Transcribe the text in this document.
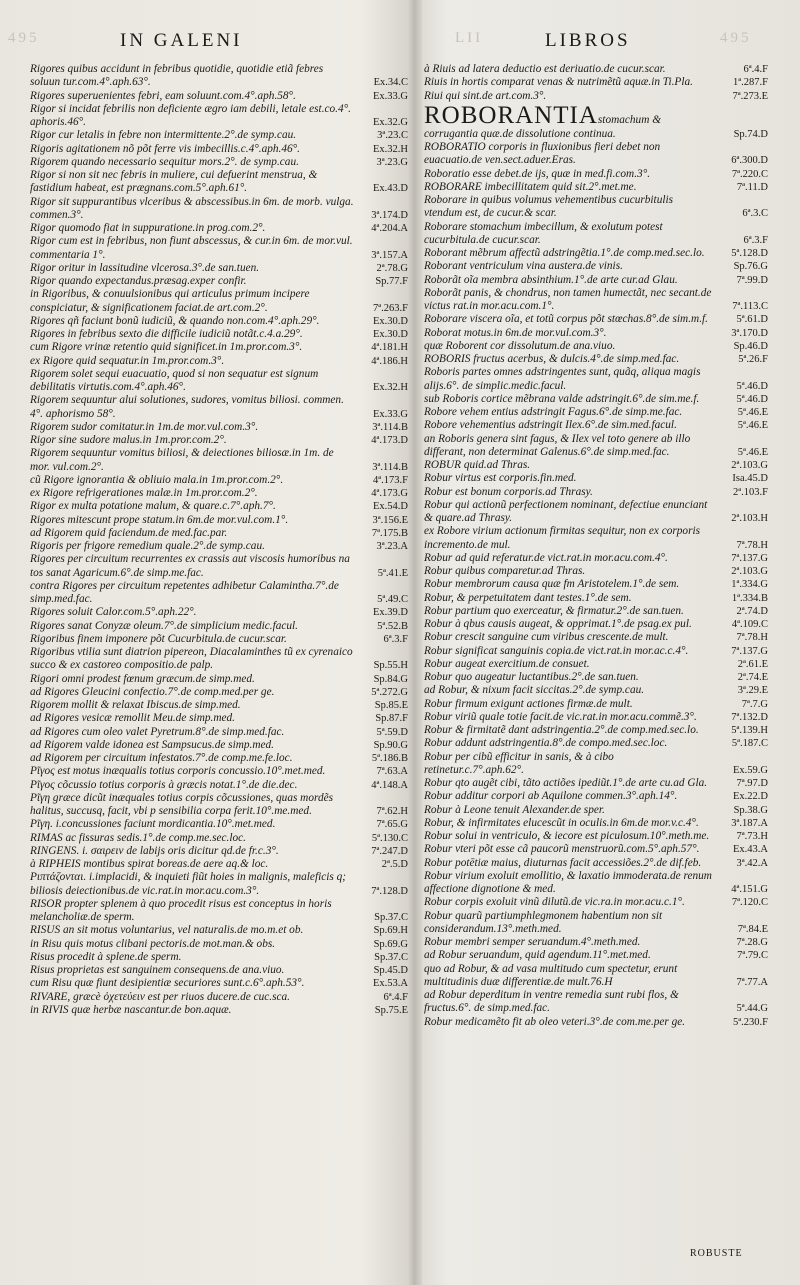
495	LII	495
IN GALENI	LIBROS
Rigores quibus accidunt in febribus quotidie, quotidie etiã febres soluun tur.com.4°.aph.63°.	Ex.34.C
Rigores superuenientes febri, eam soluunt.com.4°.aph.58°.	Ex.33.G
Rigor si incidat febrilis non deficiente ægro iam debili, letale est.co.4°. aphoris.46°.	Ex.32.G
Rigor cur letalis in febre non intermittente.2°.de symp.cau.	3ª.23.C
Rigoris agitationem nõ põt ferre vis imbecillis.c.4°.aph.46°.	Ex.32.H
Rigorem quando necessario sequitur mors.2°. de symp.cau.	3ª.23.G
Rigor si non sit nec febris in muliere, cui defuerint menstrua, & fastidium habeat, est prægnans.com.5°.aph.61°.	Ex.43.D
Rigor sit suppurantibus vlceribus & abscessibus.in 6m. de morb. vulga. commen.3°.	3ª.174.D
Rigor quomodo fiat in suppuratione.in prog.com.2°.	4ª.204.A
Rigor cum est in febribus, non fiunt abscessus, & cur.in 6m. de mor.vul. commentaria 1°.	3ª.157.A
Rigor oritur in lassitudine vlcerosa.3°.de san.tuen.	2ª.78.G
Rigor quando expectandus.præsag.exper confir.	Sp.77.F
in Rigoribus, & conuulsionibus qui articulus primum incipere conspiciatur, & significationem faciat.de art.com.2°.	7ª.263.F
Rigores qñ faciunt bonũ iudiciũ, & quando non.com.4°.aph.29°.	Ex.30.D
Rigores in febribus sexto die difficile iudiciũ notãt.c.4.a.29°.	Ex.30.D
cum Rigore vrinæ retentio quid significet.in 1m.pror.com.3°.	4ª.181.H
ex Rigore quid sequatur.in 1m.pror.com.3°.	4ª.186.H
Rigorem solet sequi euacuatio, quod si non sequatur est signum debilitatis virtutis.com.4°.aph.46°.	Ex.32.H
Rigorem sequuntur alui solutiones, sudores, vomitus biliosi. commen. 4°. aphorismo 58°.	Ex.33.G
Rigorem sudor comitatur.in 1m.de mor.vul.com.3°.	3ª.114.B
Rigor sine sudore malus.in 1m.pror.com.2°.	4ª.173.D
Rigorem sequuntur vomitus biliosi, & deiectiones biliosæ.in 1m. de mor. vul.com.2°.	3ª.114.B
cũ Rigore ignorantia & obliuio mala.in 1m.pror.com.2°.	4ª.173.F
ex Rigore refrigerationes malæ.in 1m.pror.com.2°.	4ª.173.G
Rigor ex multa potatione malum, & quare.c.7°.aph.7°.	Ex.54.D
Rigores mitescunt prope statum.in 6m.de mor.vul.com.1°.	3ª.156.E
ad Rigorem quid faciendum.de med.fac.par.	7ª.175.B
Rigoris per frigore remedium quale.2°.de symp.cau.	3ª.23.A
Rigores per circuitum recurrentes ex crassis aut viscosis humoribus na tos sanat Agaricum.6°.de simp.me.fac.	5ª.41.E
contra Rigores per circuitum repetentes adhibetur Calamintha.7°.de simp.med.fac.	5ª.49.C
Rigores soluit Calor.com.5°.aph.22°.	Ex.39.D
Rigores sanat Conyzæ oleum.7°.de simplicium medic.facul.	5ª.52.B
Rigoribus finem imponere põt Cucurbitula.de cucur.scar.	6ª.3.F
Rigoribus vtilia sunt diatrion pipereon, Diacalaminthes tũ ex cyrenaico succo & ex castoreo compositio.de palp.	Sp.55.H
Rigori omni prodest fœnum græcum.de simp.med.	Sp.84.G
ad Rigores Gleucini confectio.7°.de comp.med.per ge.	5ª.272.G
Rigorem mollit & relaxat Ibiscus.de simp.med.	Sp.85.E
ad Rigores vesicæ remollit Meu.de simp.med.	Sp.87.F
ad Rigores cum oleo valet Pyretrum.8°.de simp.med.fac.	5ª.59.D
ad Rigorem valde idonea est Sampsucus.de simp.med.	Sp.90.G
ad Rigorem per circuitum infestatos.7°.de comp.me.fe.loc.	5ª.186.B
Ρῖγος est motus inæqualis totius corporis concussio.10°.met.med.	7ª.63.A
Ρῖγος cõcussio totius corporis à græcis notat.1°.de die.dec.	4ª.148.A
Ρῖγη græce dicũt inæquales totius corpis cõcussiones, quas mordẽs halitus, succusq, facit, vbi p sensibilia corpa ferit.10°.me.med.	7ª.62.H
Ρῖγη. i.concussiones faciunt mordicantia.10°.met.med.	7ª.65.G
RIMAS ac fissuras sedis.1°.de comp.me.sec.loc.	5ª.130.C
RINGENS. i. σαιρειν de labijs oris dicitur qd.de fr.c.3°.	7ª.247.D
à RIPHEIS montibus spirat boreas.de aere aq.& loc.	2ª.5.D
Ριπτάζονται. i.implacidi, & inquieti fiũt hoies in malignis, maleficis q; biliosis deiectionibus.de vic.rat.in mor.acu.com.3°.	7ª.128.D
RISOR propter splenem à quo procedit risus est conceptus in horis melancholiæ.de sperm.	Sp.37.C
RISUS an sit motus voluntarius, vel naturalis.de mo.m.et ob.	Sp.69.H
in Risu quis motus clibani pectoris.de mot.man.& obs.	Sp.69.G
Risus procedit à splene.de sperm.	Sp.37.C
Risus proprietas est sanguinem consequens.de ana.viuo.	Sp.45.D
cum Risu quæ fiunt desipientiæ securiores sunt.c.6°.aph.53°.	Ex.53.A
RIVARE, græcè ὀχετεύειν est per riuos ducere.de cuc.sca.	6ª.4.F
in RIVIS quæ herbæ nascantur.de bon.aquæ.	Sp.75.E
à Riuis ad latera deductio est deriuatio.de cucur.scar.	6ª.4.F
Riuis in hortis comparat venas & nutrimẽtũ aquæ.in Ti.Pla.	1ª.287.F
Riui qui sint.de art.com.3°.	7ª.273.E
ROBORANTIAstomachum & corrugantia quæ.de dissolutione continua.	Sp.74.D
ROBORATIO corporis in fluxionibus fieri debet non euacuatio.de ven.sect.aduer.Eras.	6ª.300.D
Roboratio esse debet.de ijs, quæ in med.fi.com.3°.	7ª.220.C
ROBORARE imbecillitatem quid sit.2°.met.me.	7ª.11.D
Roborare in quibus volumus vehementibus cucurbitulis vtendum est, de cucur.& scar.	6ª.3.C
Roborare stomachum imbecillum, & exolutum potest cucurbitula.de cucur.scar.	6ª.3.F
Roborant mẽbrum affectũ adstringẽtia.1°.de comp.med.sec.lo.	5ª.128.D
Roborant ventriculum vina austera.de vinis.	Sp.76.G
Roborãt oĩa membra absinthium.1°.de arte cur.ad Glau.	7ª.99.D
Roborãt panis, & chondrus, non tamen humectãt, nec secant.de victus rat.in mor.acu.com.1°.	7ª.113.C
Roborare viscera oĩa, et totũ corpus põt stœchas.8°.de sim.m.f.	5ª.61.D
Roborat motus.in 6m.de mor.vul.com.3°.	3ª.170.D
quæ Roborent cor dissolutum.de ana.viuo.	Sp.46.D
ROBORIS fructus acerbus, & dulcis.4°.de simp.med.fac.	5ª.26.F
Roboris partes omnes adstringentes sunt, quãq, aliqua magis alijs.6°. de simplic.medic.facul.	5ª.46.D
sub Roboris cortice mẽbrana valde adstringit.6°.de sim.me.f.	5ª.46.D
Robore vehem entius adstringit Fagus.6°.de simp.me.fac.	5ª.46.E
Robore vehementius adstringit Ilex.6°.de sim.med.facul.	5ª.46.E
an Roboris genera sint fagus, & Ilex vel toto genere ab illo differant, non determinat Galenus.6°.de simp.med.fac.	5ª.46.E
ROBUR quid.ad Thras.	2ª.103.G
Robur virtus est corporis.fin.med.	Isa.45.D
Robur est bonum corporis.ad Thrasy.	2ª.103.F
Robur qui actionũ perfectionem nominant, defectiue enunciant & quare.ad Thrasy.	2ª.103.H
ex Robore virium actionum firmitas sequitur, non ex corporis incremento.de mul.	7ª.78.H
Robur ad quid referatur.de vict.rat.in mor.acu.com.4°.	7ª.137.G
Robur quibus comparetur.ad Thras.	2ª.103.G
Robur membrorum causa quæ fm Aristotelem.1°.de sem.	1ª.334.G
Robur, & perpetuitatem dant testes.1°.de sem.	1ª.334.B
Robur partium quo exerceatur, & firmatur.2°.de san.tuen.	2ª.74.D
Robur à qbus causis augeat, & opprimat.1°.de psag.ex pul.	4ª.109.C
Robur crescit sanguine cum viribus crescente.de mult.	7ª.78.H
Robur significat sanguinis copia.de vict.rat.in mor.ac.c.4°.	7ª.137.G
Robur augeat exercitium.de consuet.	2ª.61.E
Robur quo augeatur luctantibus.2°.de san.tuen.	2ª.74.E
ad Robur, & nixum facit siccitas.2°.de symp.cau.	3ª.29.E
Robur firmum exigunt actiones firmæ.de mult.	7ª.7.G
Robur viriũ quale totie facit.de vic.rat.in mor.acu.commẽ.3°.	7ª.132.D
Robur & firmitatẽ dant adstringentia.2°.de comp.med.sec.lo.	5ª.139.H
Robur addunt adstringentia.8°.de compo.med.sec.loc.	5ª.187.C
Robur per cibũ efficitur in sanis, & à cibo retinetur.c.7°.aph.62°.	Ex.59.G
Robur qto augẽt cibi, tãto actiões ipediũt.1°.de arte cu.ad Gla.	7ª.97.D
Robur additur corpori ab Aquilone commen.3°.aph.14°.	Ex.22.D
Robur à Leone tenuit Alexander.de sper.	Sp.38.G
Robur, & infirmitates elucescũt in oculis.in 6m.de mor.v.c.4°.	3ª.187.A
Robur solui in ventriculo, & iecore est piculosum.10°.meth.me.	7ª.73.H
Robur vteri põt esse cã paucorũ menstruorũ.com.5°.aph.57°.	Ex.43.A
Robur potētiæ maius, diuturnas facit accessiões.2°.de dif.feb.	3ª.42.A
Robur virium exoluit emollitio, & laxatio immoderata.de renum affectione dignotione & med.	4ª.151.G
Robur corpis exoluit vinũ dilutũ.de vic.ra.in mor.acu.c.1°.	7ª.120.C
Robur quarũ partiumphlegmonem habentium non sit considerandum.13°.meth.med.	7ª.84.E
Robur membri semper seruandum.4°.meth.med.	7ª.28.G
ad Robur seruandum, quid agendum.11°.met.med.	7ª.79.C
quo ad Robur, & ad vasa multitudo cum spectetur, erunt multitudinis duæ differentiæ.de mult.76.H	7ª.77.A
ad Robur deperditum in ventre remedia sunt rubi flos, & fructus.6°. de simp.med.fac.	5ª.44.G
Robur medicamẽto fit ab oleo veteri.3°.de com.me.per ge.	5ª.230.F
ROBUSTE
